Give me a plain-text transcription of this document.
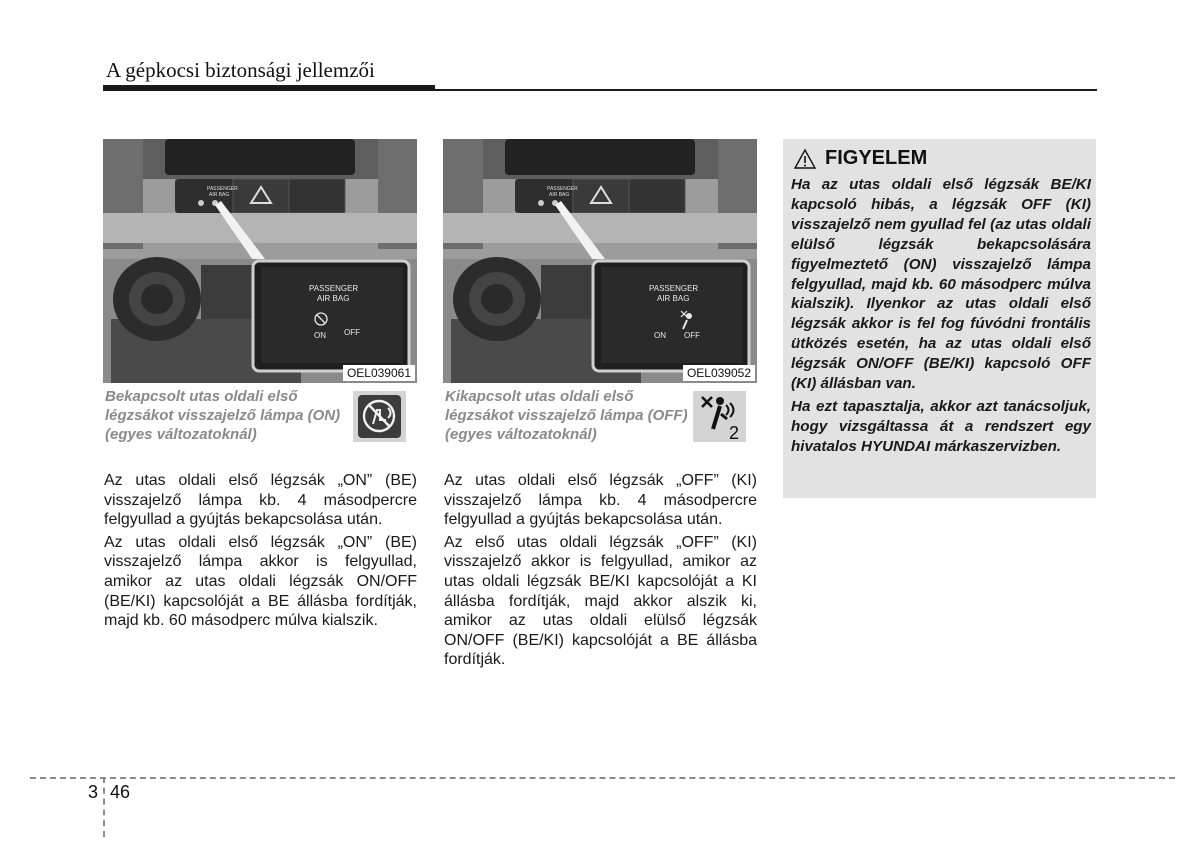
A gépkocsi biztonsági jellemzői
PASSENGER
AIR BAG
PASSENGER
AIR BAG
ON OFF
OEL039061
PASSENGER
AIR BAG
PASSENGER
AIR BAG
ON OFF
OEL039052
Bekapcsolt utas oldali első légzsákot visszajelző lámpa (ON) (egyes változatoknál)
Kikapcsolt utas oldali első légzsákot visszajelző lámpa (OFF) (egyes változatoknál)	2

Az utas oldali első légzsák „ON” (BE) visszajelző lámpa kb. 4 másodpercre felgyullad a gyújtás bekapcsolása után.

Az utas oldali első légzsák „ON” (BE) visszajelző lámpa akkor is felgyullad, amikor az utas oldali légzsák ON/OFF (BE/KI) kapcsolóját a BE állásba fordítják, majd kb. 60 másodperc múlva kialszik.

Az utas oldali első légzsák „OFF” (KI) visszajelző lámpa kb. 4 másodpercre felgyullad a gyújtás bekapcsolása után.

Az első utas oldali légzsák „OFF” (KI) visszajelző akkor is felgyullad, amikor az utas oldali légzsák BE/KI kapcsolóját a KI állásba fordítják, majd akkor alszik ki, amikor az utas oldali elülső légzsák ON/OFF (BE/KI) kapcsolóját a BE állásba fordítják.

FIGYELEM

Ha az utas oldali első légzsák BE/KI kapcsoló hibás, a légzsák OFF (KI) visszajelző nem gyullad fel (az utas oldali elülső légzsák bekapcsolására figyelmeztető (ON) visszajelző lámpa felgyullad, majd kb. 60 másodperc múlva kialszik). Ilyenkor az utas oldali első légzsák akkor is fel fog fúvódni frontális ütközés esetén, ha az utas oldali első légzsák ON/OFF (BE/KI) kapcsoló OFF (KI) állásban van.

Ha ezt tapasztalja, akkor azt tanácsoljuk, hogy vizsgáltassa át a rendszert egy hivatalos HYUNDAI márkaszervizben.

3 46
